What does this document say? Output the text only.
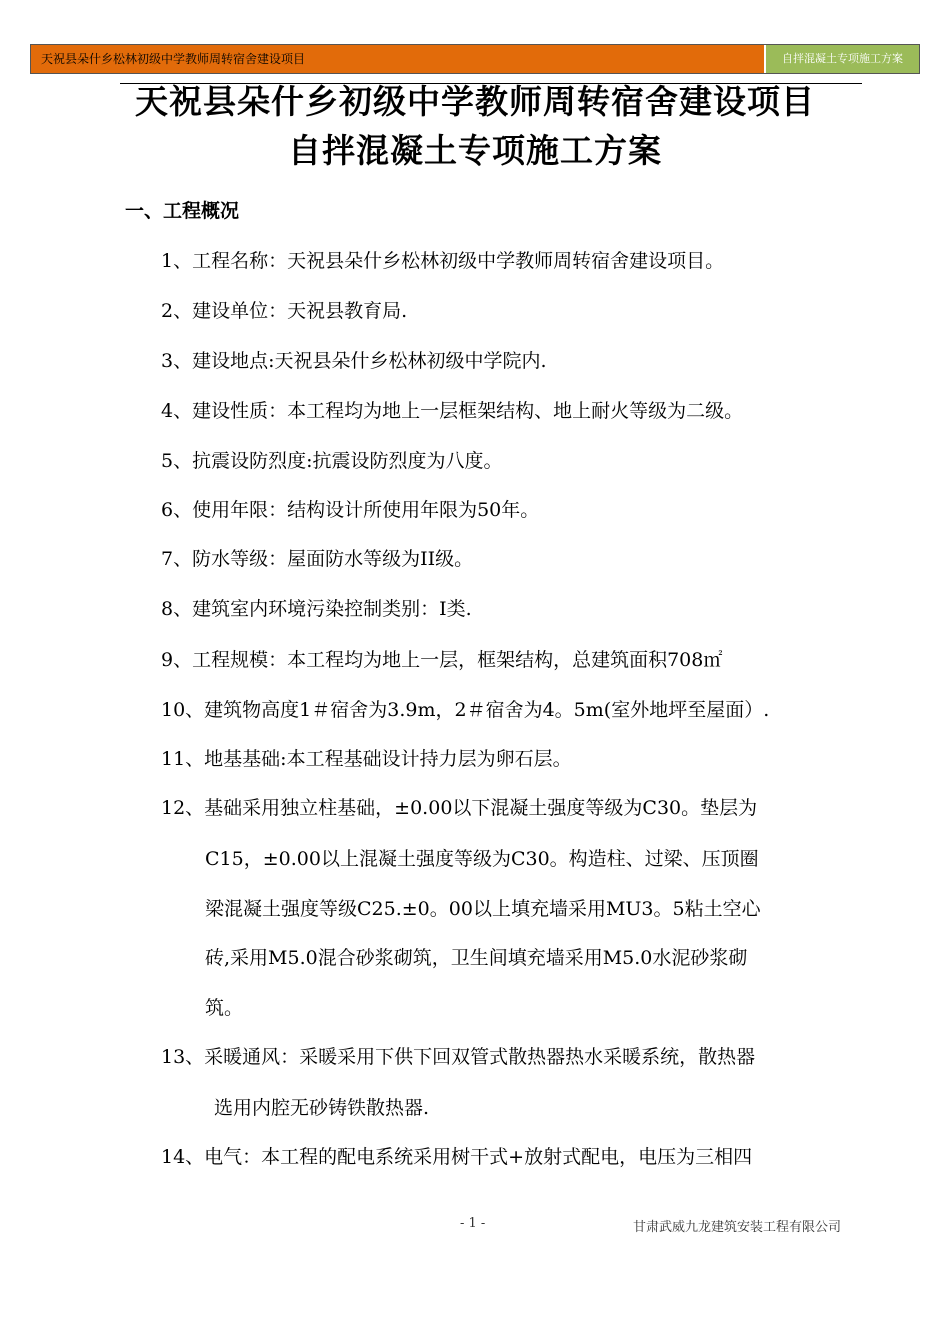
天祝县朵什乡松林初级中学教师周转宿舍建设项目	自拌混凝土专项施工方案
天祝县朵什乡初级中学教师周转宿舍建设项目
自拌混凝土专项施工方案
一、工程概况
1、工程名称：天祝县朵什乡松林初级中学教师周转宿舍建设项目。
2、建设单位：天祝县教育局.
3、建设地点:天祝县朵什乡松林初级中学院内.
4、建设性质：本工程均为地上一层框架结构、地上耐火等级为二级。
5、抗震设防烈度:抗震设防烈度为八度。
6、使用年限：结构设计所使用年限为50年。
7、防水等级：屋面防水等级为II级。
8、建筑室内环境污染控制类别：Ⅰ类.
9、工程规模：本工程均为地上一层，框架结构，总建筑面积708㎡
10、建筑物高度1＃宿舍为3.9m，2＃宿舍为4。5m(室外地坪至屋面）.
11、地基基础:本工程基础设计持力层为卵石层。
12、基础采用独立柱基础，±0.00以下混凝土强度等级为C30。垫层为
C15，±0.00以上混凝土强度等级为C30。构造柱、过梁、压顶圈
梁混凝土强度等级C25.±0。00以上填充墙采用MU3。5粘土空心
砖,采用M5.0混合砂浆砌筑，卫生间填充墙采用M5.0水泥砂浆砌
筑。
13、采暖通风：采暖采用下供下回双管式散热器热水采暖系统，散热器
选用内腔无砂铸铁散热器.
14、电气：本工程的配电系统采用树干式+放射式配电，电压为三相四
- 1 -	甘肃武威九龙建筑安装工程有限公司
